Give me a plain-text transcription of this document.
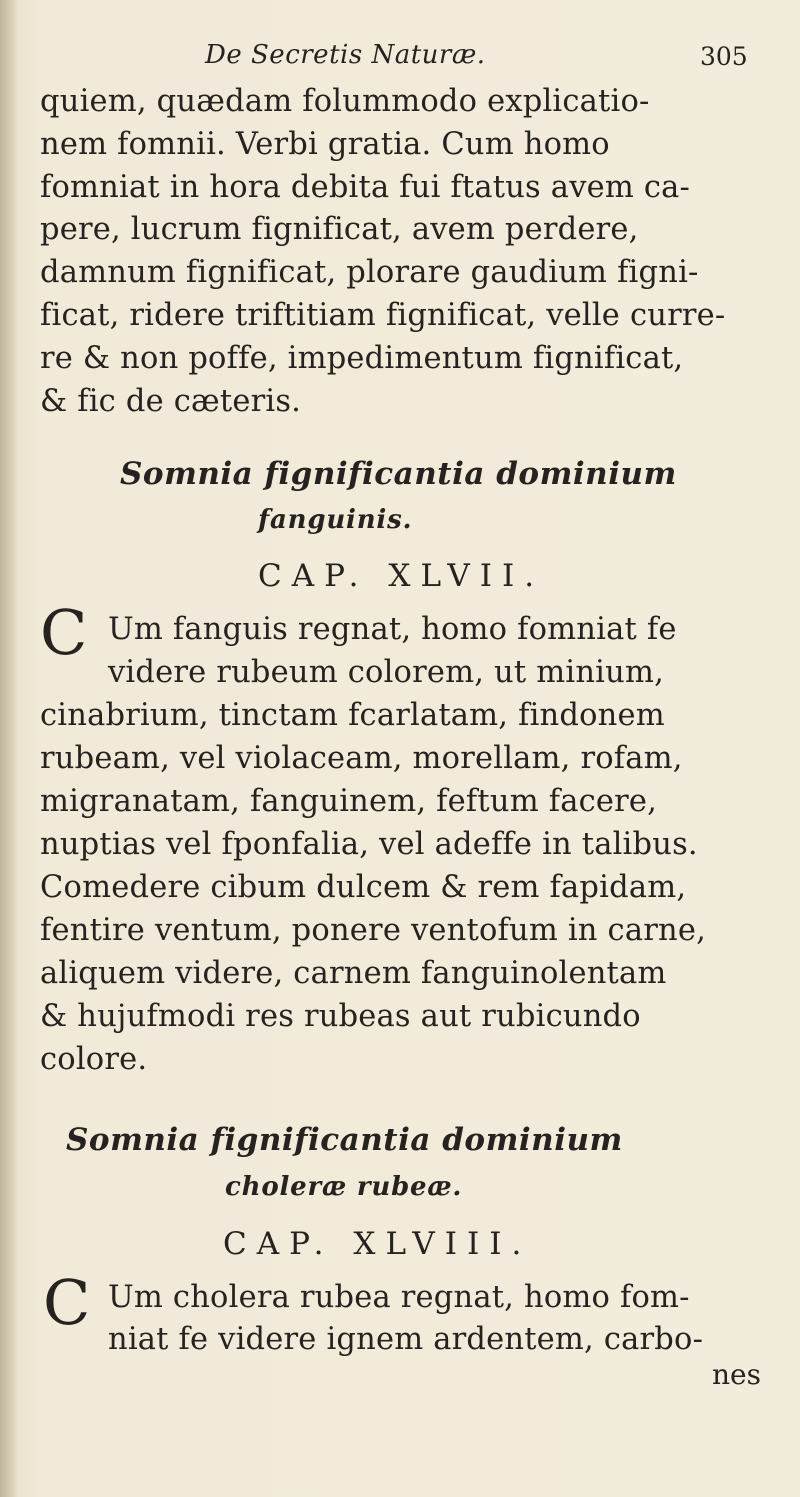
De Secretis Naturæ.	305
quiem, quædam folummodo explicatio-
nem fomnii. Verbi gratia. Cum homo
fomniat in hora debita fui ftatus avem ca-
pere, lucrum fignificat, avem perdere,
damnum fignificat, plorare gaudium figni-
ficat, ridere triftitiam fignificat, velle curre-
re & non poffe, impedimentum fignificat,
& fic de cæteris.
Somnia fignificantia dominium
fanguinis.
CAP. XLVII.
C Um fanguis regnat, homo fomniat fe
videre rubeum colorem, ut minium,
cinabrium, tinctam fcarlatam, findonem
rubeam, vel violaceam, morellam, rofam,
migranatam, fanguinem, feftum facere,
nuptias vel fponfalia, vel adeffe in talibus.
Comedere cibum dulcem & rem fapidam,
fentire ventum, ponere ventofum in carne,
aliquem videre, carnem fanguinolentam
& hujufmodi res rubeas aut rubicundo
colore.
Somnia fignificantia dominium
choleræ rubeæ.
CAP. XLVIII.
C Um cholera rubea regnat, homo fom-
niat fe videre ignem ardentem, carbo-
nes
